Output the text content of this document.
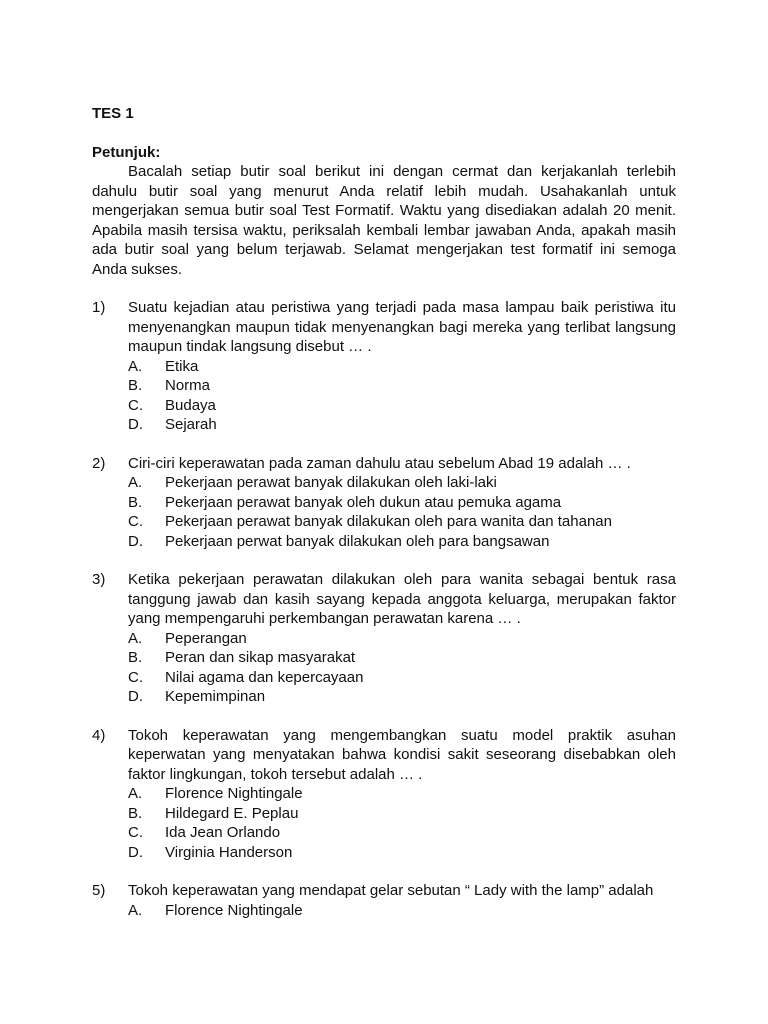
TES 1

Petunjuk:

Bacalah setiap butir soal berikut ini dengan cermat dan kerjakanlah terlebih dahulu butir soal yang menurut Anda relatif lebih mudah. Usahakanlah untuk mengerjakan semua butir soal Test Formatif. Waktu yang disediakan adalah 20 menit. Apabila masih tersisa waktu, periksalah kembali lembar jawaban Anda, apakah masih ada butir soal yang belum terjawab. Selamat mengerjakan test formatif ini semoga Anda sukses.

1)	Suatu kejadian atau peristiwa yang terjadi pada masa lampau baik peristiwa itu menyenangkan maupun tidak menyenangkan bagi mereka yang terlibat langsung maupun tindak langsung disebut … .

A.	Etika
B.	Norma
C.	Budaya
D.	Sejarah
2)	Ciri-ciri keperawatan pada zaman dahulu atau sebelum Abad 19 adalah … .

A.	Pekerjaan perawat banyak dilakukan oleh laki-laki
B.	Pekerjaan perawat banyak oleh dukun atau pemuka agama
C.	Pekerjaan perawat banyak dilakukan oleh para wanita dan tahanan
D.	Pekerjaan perwat banyak dilakukan oleh para bangsawan
3)	Ketika pekerjaan perawatan dilakukan oleh para wanita sebagai bentuk rasa tanggung jawab dan kasih sayang kepada anggota keluarga, merupakan faktor yang mempengaruhi perkembangan perawatan karena … .

A.	Peperangan
B.	Peran dan sikap masyarakat
C.	Nilai agama dan kepercayaan
D.	Kepemimpinan
4)	Tokoh keperawatan yang mengembangkan suatu model praktik asuhan keperwatan yang menyatakan bahwa kondisi sakit seseorang disebabkan oleh faktor lingkungan, tokoh tersebut adalah … .

A.	Florence Nightingale
B.	Hildegard E. Peplau
C.	Ida Jean Orlando
D.	Virginia Handerson
5)	Tokoh keperawatan yang mendapat gelar sebutan “ Lady with the lamp” adalah

A.	Florence Nightingale
